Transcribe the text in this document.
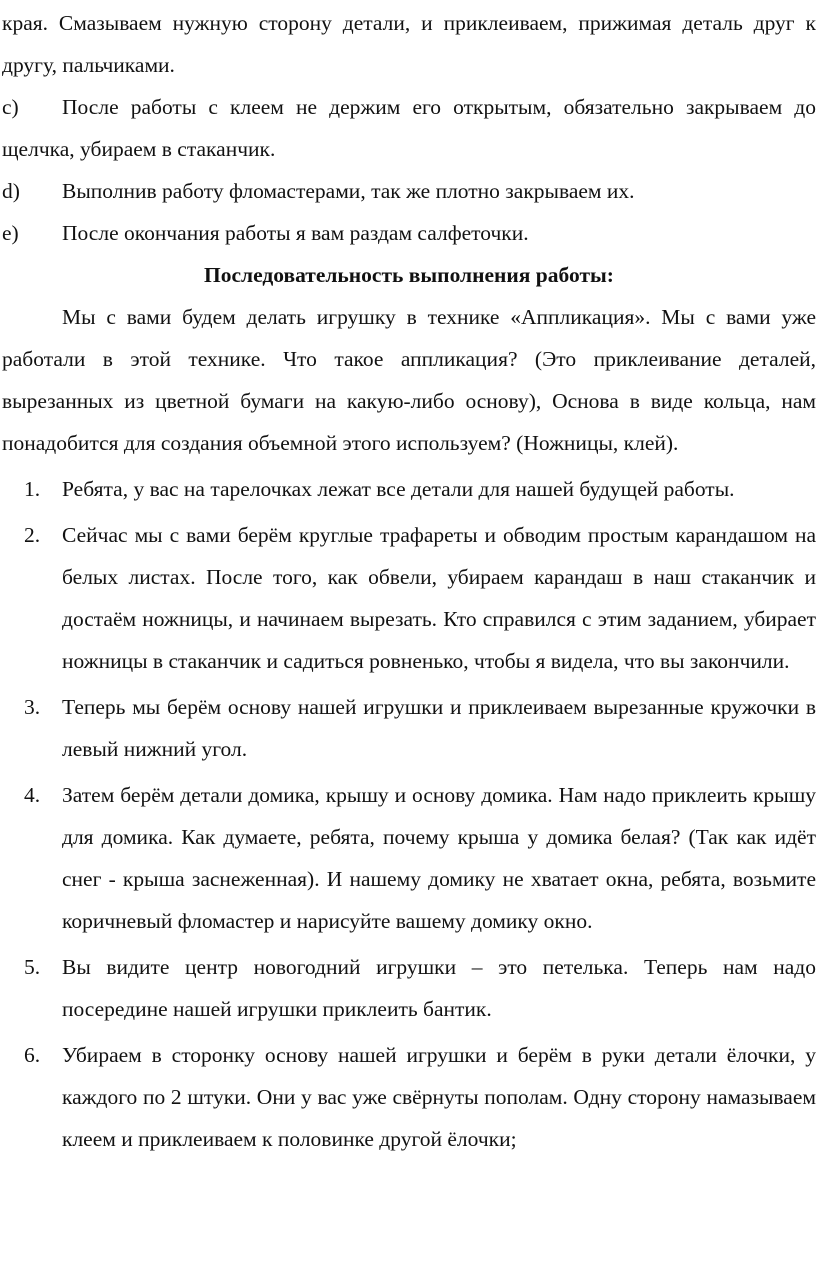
края. Смазываем нужную сторону детали, и приклеиваем, прижимая деталь друг к другу, пальчиками.

c) После работы с клеем не держим его открытым, обязательно закрываем до щелчка, убираем в стаканчик.

d) Выполнив работу фломастерами, так же плотно закрываем их.

e) После окончания работы я вам раздам салфеточки.

Последовательность выполнения работы:

Мы с вами будем делать игрушку в технике «Аппликация». Мы с вами уже работали в этой технике. Что такое аппликация? (Это приклеивание деталей, вырезанных из цветной бумаги на какую-либо основу), Основа в виде кольца, нам понадобится для создания объемной этого используем? (Ножницы, клей).

1.	Ребята, у вас на тарелочках лежат все детали для нашей будущей работы.
2.	Сейчас мы с вами берём круглые трафареты и обводим простым карандашом на белых листах. После того, как обвели, убираем карандаш в наш стаканчик и достаём ножницы, и начинаем вырезать. Кто справился с этим заданием, убирает ножницы в стаканчик и садиться ровненько, чтобы я видела, что вы закончили.
3.	Теперь мы берём основу нашей игрушки и приклеиваем вырезанные кружочки в левый нижний угол.
4.	Затем берём детали домика, крышу и основу домика. Нам надо приклеить крышу для домика. Как думаете, ребята, почему крыша у домика белая? (Так как идёт снег - крыша заснеженная). И нашему домику не хватает окна, ребята, возьмите коричневый фломастер и нарисуйте вашему домику окно.
5.	Вы видите центр новогодний игрушки – это петелька. Теперь нам надо посередине нашей игрушки приклеить бантик.
6.	Убираем в сторонку основу нашей игрушки и берём в руки детали ёлочки, у каждого по 2 штуки. Они у вас уже свёрнуты пополам. Одну сторону намазываем клеем и приклеиваем к половинке другой ёлочки;
